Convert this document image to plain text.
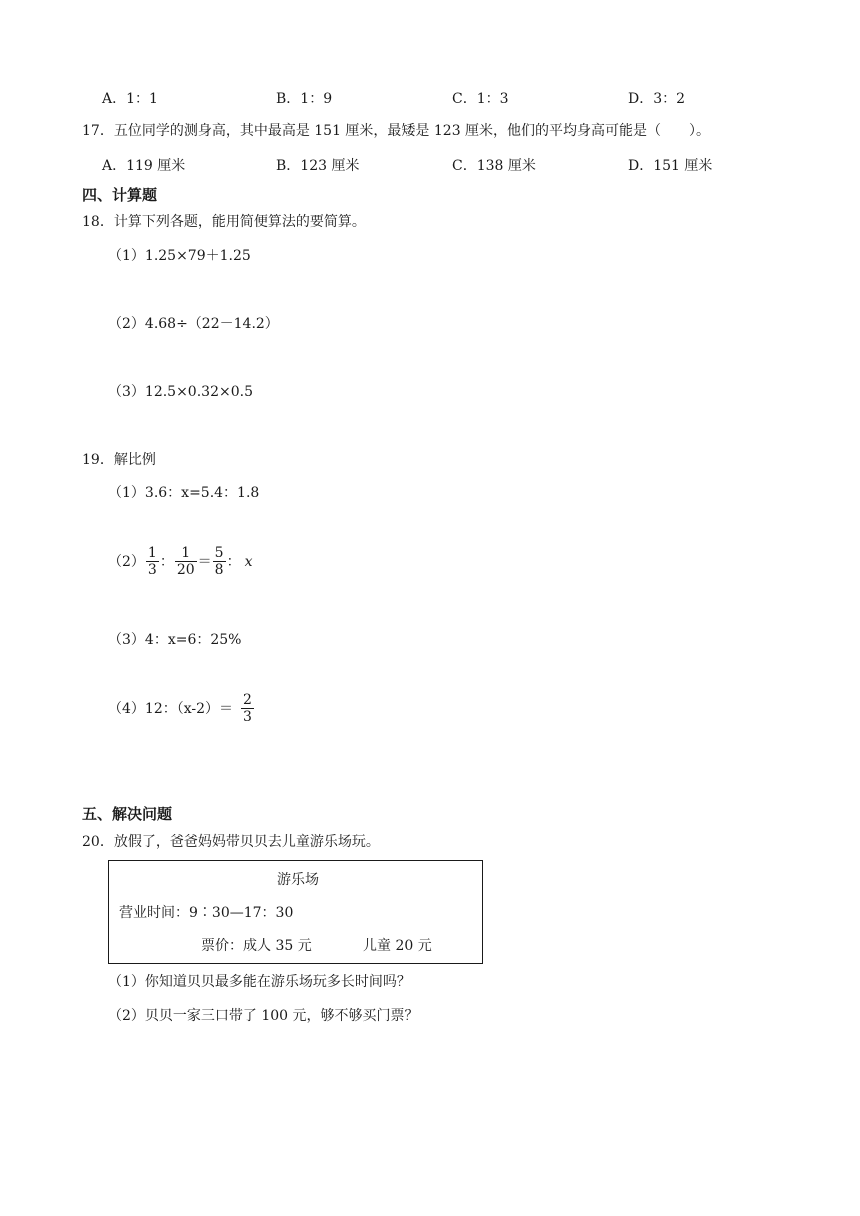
A．1：1	B．1：9	C．1：3	D．3：2
17．五位同学的测身高，其中最高是 151 厘米，最矮是 123 厘米，他们的平均身高可能是（　　）。
A．119 厘米	B．123 厘米	C．138 厘米	D．151 厘米
四、计算题
18．计算下列各题，能用简便算法的要简算。
（1）1.25×79＋1.25
（2）4.68÷（22－14.2）
（3）12.5×0.32×0.5
19．解比例
（1）3.6：x=5.4：1.8
$(2) \frac{1}{3}$ ： $\frac{1}{20} = \frac{5}{8}$ ： x
（3）4：x=6：25%
（4）12：$(x-2)= \frac{2}{3}$
五、解决问题
20．放假了，爸爸妈妈带贝贝去儿童游乐场玩。
游乐场
营业时间：9∶30—17：30
票价：成人 35 元	儿童 20 元
（1）你知道贝贝最多能在游乐场玩多长时间吗？
（2）贝贝一家三口带了 100 元，够不够买门票？
